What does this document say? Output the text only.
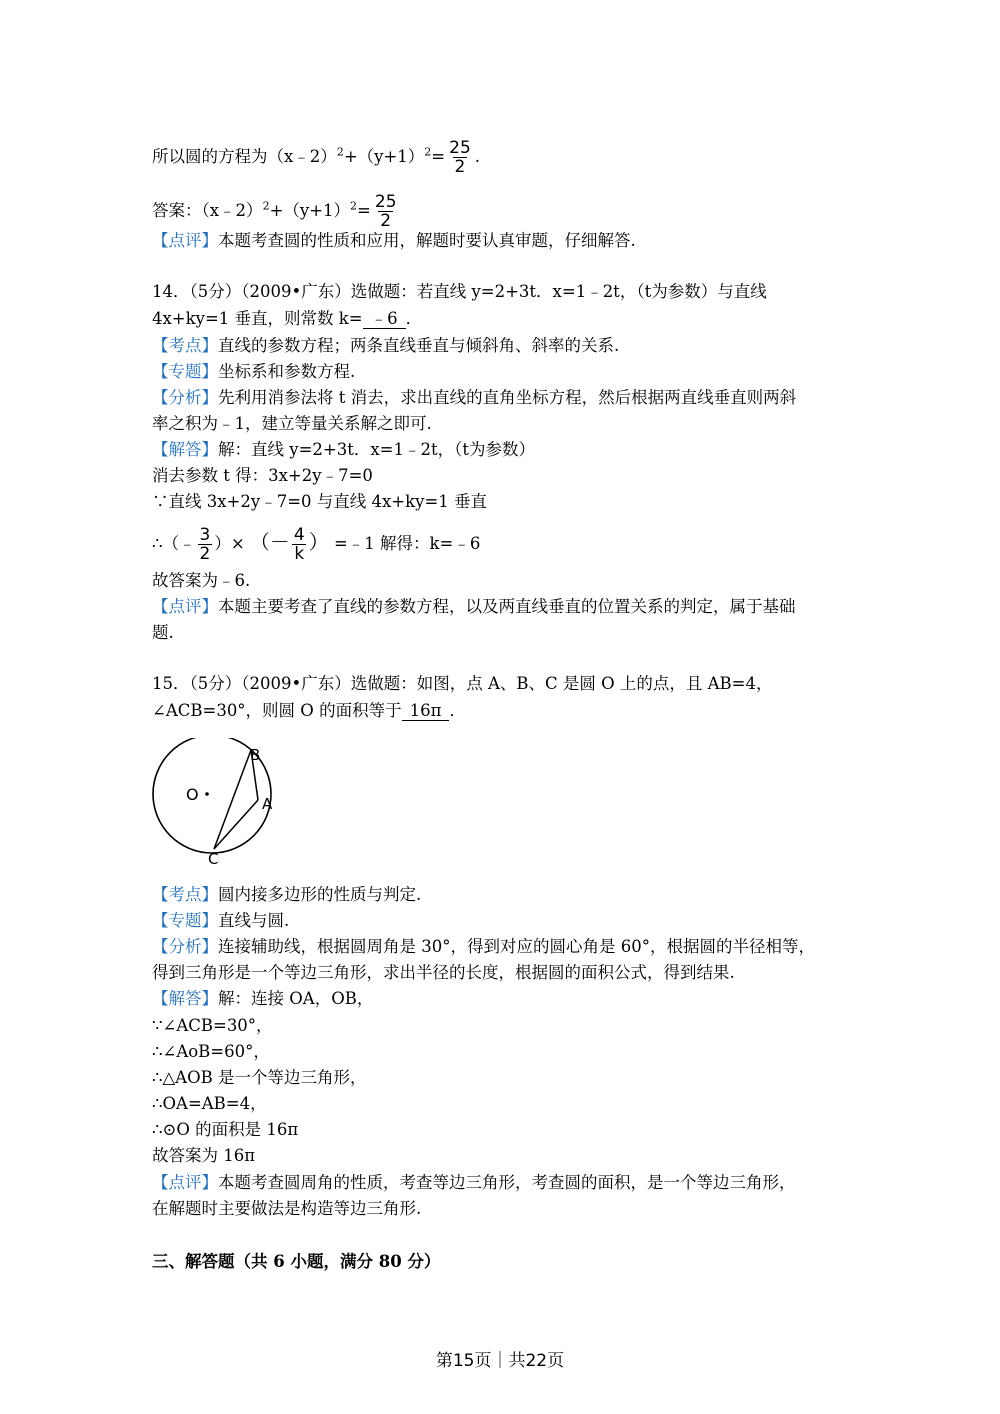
所以圆的方程为$(x﹣2)^2+(y+1)^2= \frac{25}{2}$ .
答案：$(x﹣2)^2+(y+1)^2= \frac{25}{2}$
【点评】本题考查圆的性质和应用，解题时要认真审题，仔细解答.
14．（5分）（2009•广东）选做题：若直线 y=2+3t．x=1﹣2t，（t为参数）与直线
4x+ky=1 垂直，则常数 k= ﹣6 ．
【考点】直线的参数方程；两条直线垂直与倾斜角、斜率的关系.
【专题】坐标系和参数方程.
【分析】先利用消参法将 t 消去，求出直线的直角坐标方程，然后根据两直线垂直则两斜
率之积为﹣1，建立等量关系解之即可.
【解答】解：直线 y=2+3t．x=1﹣2t，（t为参数）
消去参数 t 得：3x+2y﹣7=0
∵直线 3x+2y﹣7=0 与直线 4x+ky=1 垂直
∴（﹣ $\frac{3}{2}$ ）× （－ $\frac{4}{k}$ ） =﹣1 解得：k=﹣6
故答案为﹣6.
【点评】本题主要考查了直线的参数方程，以及两直线垂直的位置关系的判定，属于基础
题.
15．（5分）（2009•广东）选做题：如图，点 A、B、C 是圆 O 上的点，且 AB=4，
∠ACB=30°，则圆 O 的面积等于 16π ．
O
B
A
C
【考点】圆内接多边形的性质与判定.
【专题】直线与圆.
【分析】连接辅助线，根据圆周角是 30°，得到对应的圆心角是 60°，根据圆的半径相等，
得到三角形是一个等边三角形，求出半径的长度，根据圆的面积公式，得到结果.
【解答】解：连接 OA，OB，
∵∠ACB=30°，
∴∠AoB=60°，
∴△AOB 是一个等边三角形，
∴OA=AB=4，
∴⊙O 的面积是 16π
故答案为 16π
【点评】本题考查圆周角的性质，考查等边三角形，考查圆的面积，是一个等边三角形，
在解题时主要做法是构造等边三角形.
三、解答题（共 6 小题，满分 80 分）
第15页｜共22页
